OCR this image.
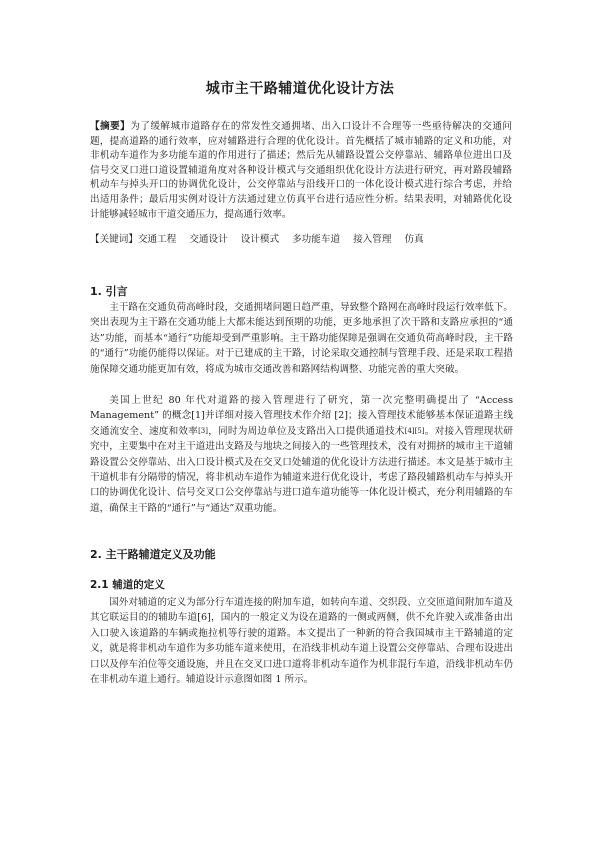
城市主干路辅道优化设计方法
【摘要】为了缓解城市道路存在的常发性交通拥堵、出入口设计不合理等一些亟待解决的交通问题，提高道路的通行效率，应对辅路进行合理的优化设计。首先概括了城市辅路的定义和功能，对非机动车道作为多功能车道的作用进行了描述；然后先从辅路设置公交停靠站、辅路单位进出口及信号交叉口进口道设置辅道角度对各种设计模式与交通组织优化设计方法进行研究，再对路段辅路机动车与掉头开口的协调优化设计，公交停靠站与沿线开口的一体化设计模式进行综合考虑，并给出适用条件；最后用实例对设计方法通过建立仿真平台进行适应性分析。结果表明，对辅路优化设计能够减轻城市干道交通压力，提高通行效率。
【关键词】交通工程 交通设计 设计模式 多功能车道 接入管理 仿真
1. 引言

主干路在交通负荷高峰时段，交通拥堵问题日趋严重，导致整个路网在高峰时段运行效率低下。突出表现为主干路在交通功能上大都未能达到预期的功能，更多地承担了次干路和支路应承担的“通达”功能，而基本“通行”功能却受到严重影响。主干路功能保障是强调在交通负荷高峰时段，主干路的“通行”功能仍能得以保证。对于已建成的主干路，讨论采取交通控制与管理手段、还是采取工程措施保障交通功能更加有效，将成为城市交通改善和路网结构调整、功能完善的重大突破。

美国上世纪 80 年代对道路的接入管理进行了研究，第一次完整明确提出了 “Access Management” 的概念[1]并详细对接入管理技术作介绍 [2]；接入管理技术能够基本保证道路主线交通流安全、速度和效率[3]，同时为周边单位及支路出入口提供通道技术[4][5]。对接入管理现状研究中，主要集中在对主干道进出支路及与地块之间接入的一些管理技术，没有对拥挤的城市主干道辅路设置公交停靠站、出入口设计模式及在交叉口处辅道的优化设计方法进行描述。本文是基于城市主干道机非有分隔带的情况，将非机动车道作为辅道来进行优化设计，考虑了路段辅路机动车与掉头开口的协调优化设计、信号交叉口公交停靠站与进口道车道功能等一体化设计模式，充分利用辅路的车道，确保主干路的“通行”与“通达”双重功能。

2. 主干路辅道定义及功能
2.1 辅道的定义

国外对辅道的定义为部分行车道连接的附加车道，如转向车道、交织段、立交匝道间附加车道及其它联运目的的辅助车道[6]，国内的一般定义为设在道路的一侧或两侧，供不允许驶入或准备由出入口驶入该道路的车辆或拖拉机等行驶的道路。本文提出了一种新的符合我国城市主干路辅道的定义，就是将非机动车道作为多功能车道来使用，在沿线非机动车道上设置公交停靠站、合理布设进出口以及停车泊位等交通设施，并且在交叉口进口道将非机动车道作为机非混行车道，沿线非机动车仍在非机动车道上通行。辅道设计示意图如图 1 所示。
